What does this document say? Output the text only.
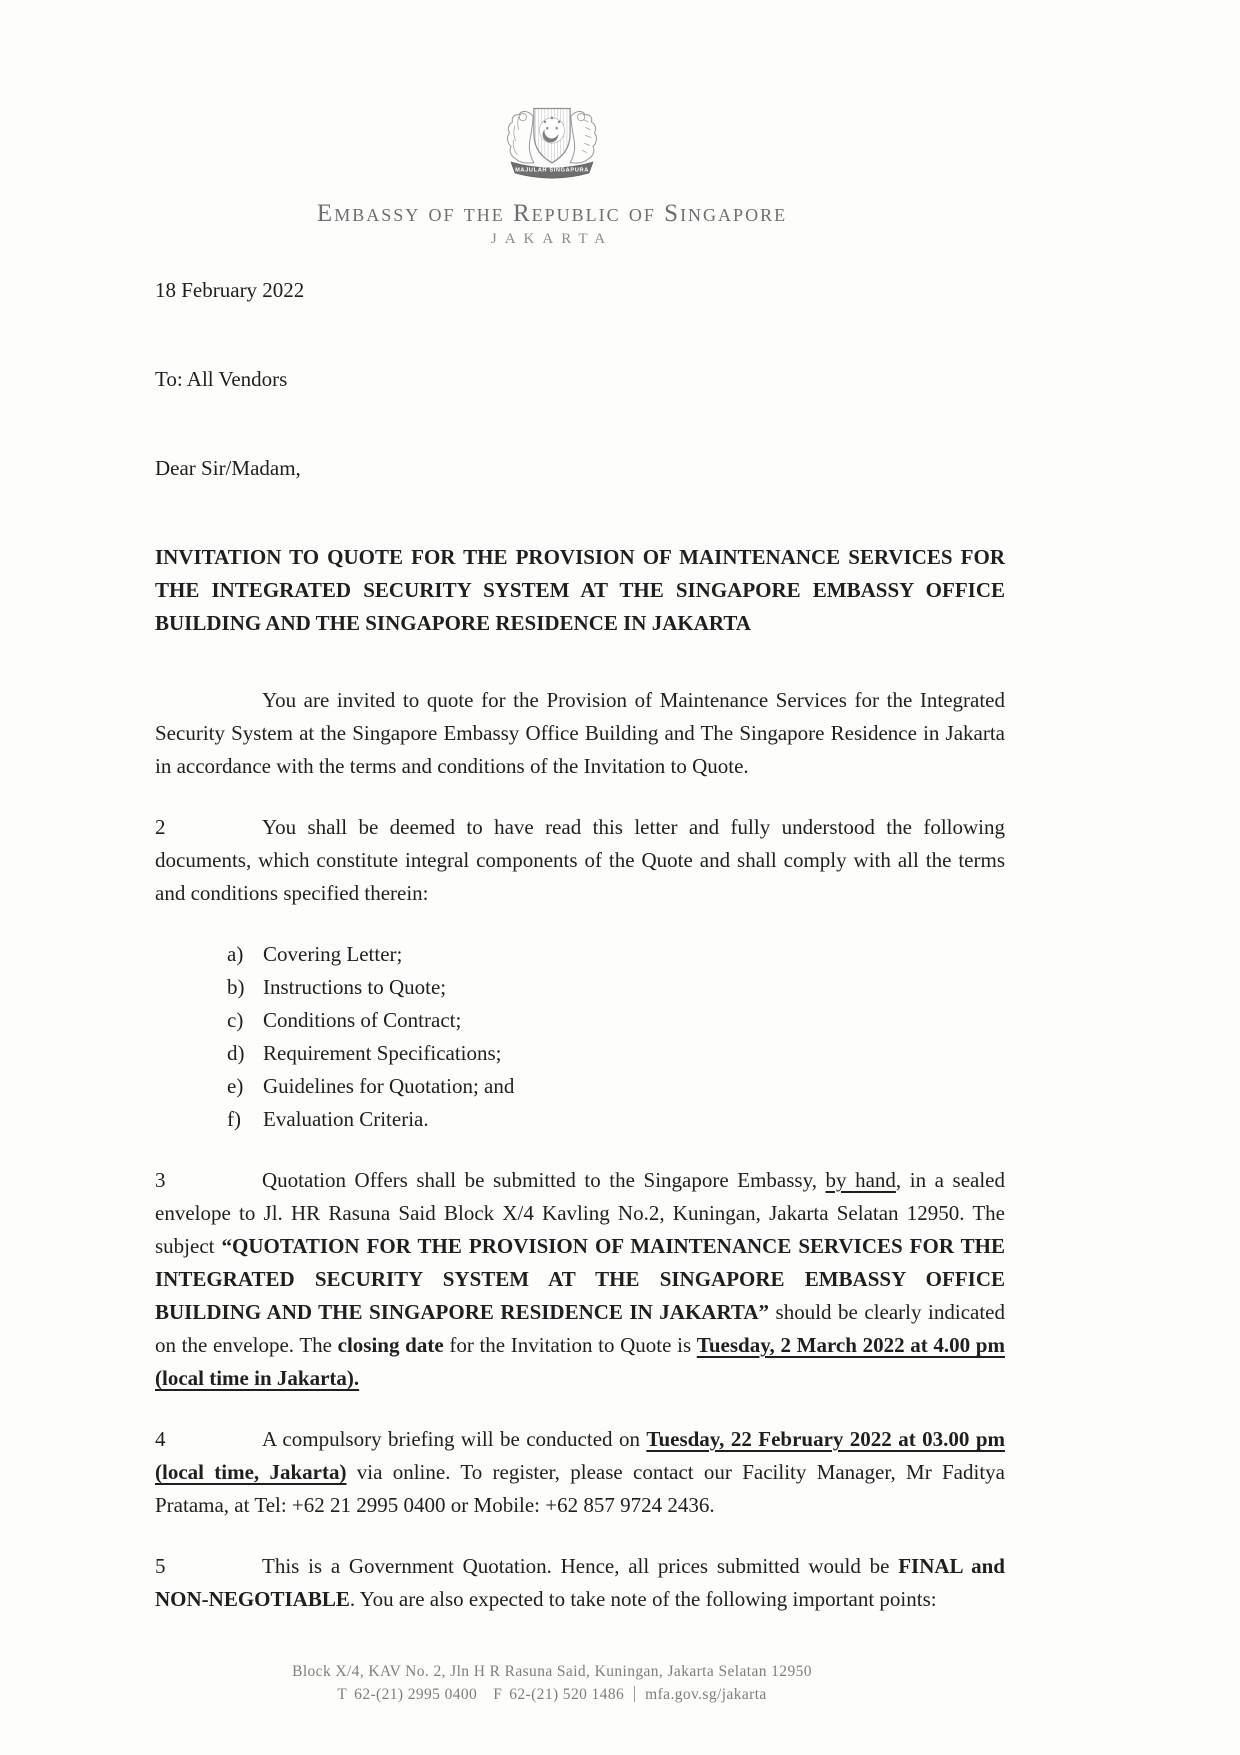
MAJULAH SINGAPURA
Embassy of the Republic of Singapore
JAKARTA
18 February 2022
To: All Vendors
Dear Sir/Madam,
INVITATION TO QUOTE FOR THE PROVISION OF MAINTENANCE SERVICES FOR THE INTEGRATED SECURITY SYSTEM AT THE SINGAPORE EMBASSY OFFICE BUILDING AND THE SINGAPORE RESIDENCE IN JAKARTA
You are invited to quote for the Provision of Maintenance Services for the Integrated Security System at the Singapore Embassy Office Building and The Singapore Residence in Jakarta in accordance with the terms and conditions of the Invitation to Quote.
2	You shall be deemed to have read this letter and fully understood the following documents, which constitute integral components of the Quote and shall comply with all the terms and conditions specified therein:
a) Covering Letter;
b) Instructions to Quote;
c) Conditions of Contract;
d) Requirement Specifications;
e) Guidelines for Quotation; and
f) Evaluation Criteria.
3	Quotation Offers shall be submitted to the Singapore Embassy, by hand, in a sealed envelope to Jl. HR Rasuna Said Block X/4 Kavling No.2, Kuningan, Jakarta Selatan 12950. The subject “QUOTATION FOR THE PROVISION OF MAINTENANCE SERVICES FOR THE INTEGRATED SECURITY SYSTEM AT THE SINGAPORE EMBASSY OFFICE BUILDING AND THE SINGAPORE RESIDENCE IN JAKARTA” should be clearly indicated on the envelope. The closing date for the Invitation to Quote is Tuesday, 2 March 2022 at 4.00 pm (local time in Jakarta).
4	A compulsory briefing will be conducted on Tuesday, 22 February 2022 at 03.00 pm (local time, Jakarta) via online. To register, please contact our Facility Manager, Mr Faditya Pratama, at Tel: +62 21 2995 0400 or Mobile: +62 857 9724 2436.
5	This is a Government Quotation. Hence, all prices submitted would be FINAL and NON-NEGOTIABLE. You are also expected to take note of the following important points:
Block X/4, KAV No. 2, Jln H R Rasuna Said, Kuningan, Jakarta Selatan 12950
T 62-(21) 2995 0400 F 62-(21) 520 1486 mfa.gov.sg/jakarta
